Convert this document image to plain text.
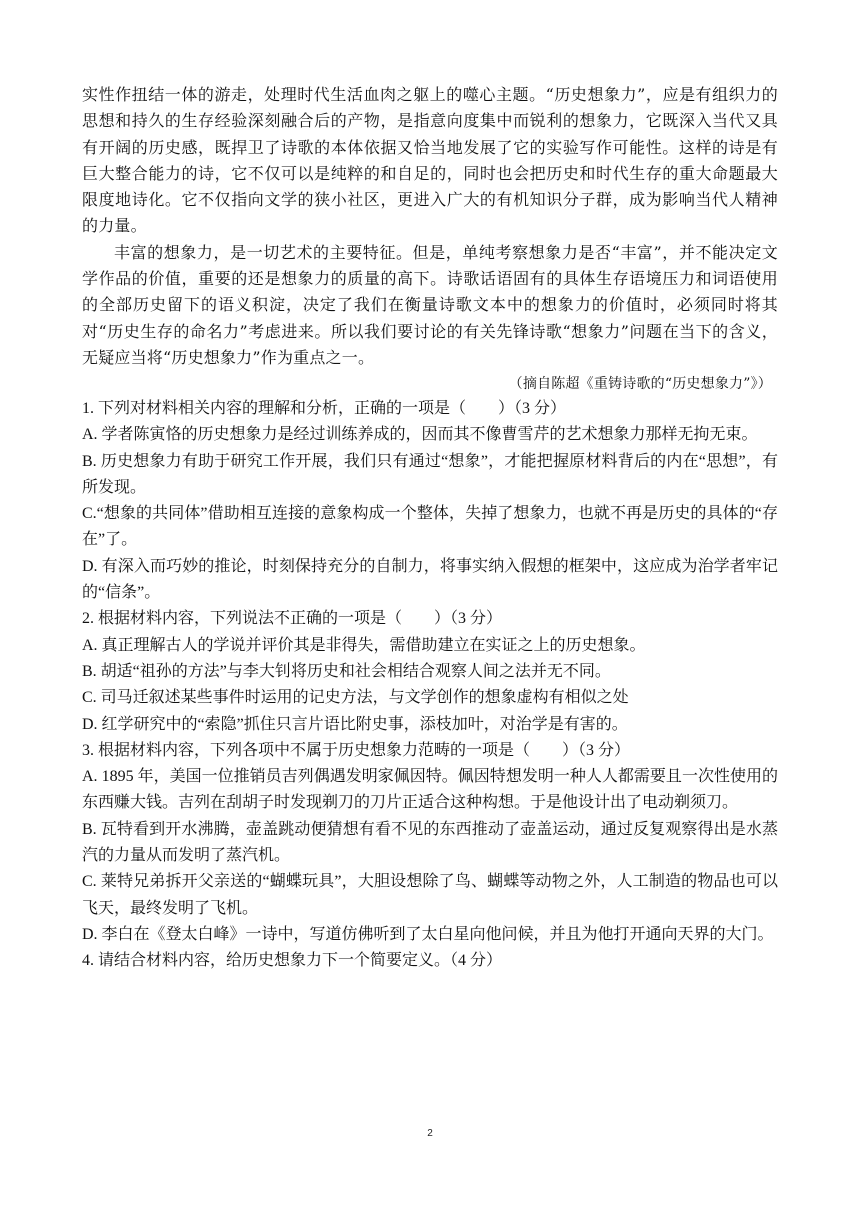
实性作扭结一体的游走，处理时代生活血肉之躯上的噬心主题。“历史想象力”，应是有组织力的思想和持久的生存经验深刻融合后的产物，是指意向度集中而锐利的想象力，它既深入当代又具有开阔的历史感，既捍卫了诗歌的本体依据又恰当地发展了它的实验写作可能性。这样的诗是有巨大整合能力的诗，它不仅可以是纯粹的和自足的，同时也会把历史和时代生存的重大命题最大限度地诗化。它不仅指向文学的狭小社区，更进入广大的有机知识分子群，成为影响当代人精神的力量。

丰富的想象力，是一切艺术的主要特征。但是，单纯考察想象力是否“丰富”，并不能决定文学作品的价值，重要的还是想象力的质量的高下。诗歌话语固有的具体生存语境压力和词语使用的全部历史留下的语义积淀，决定了我们在衡量诗歌文本中的想象力的价值时，必须同时将其对“历史生存的命名力”考虑进来。所以我们要讨论的有关先锋诗歌“想象力”问题在当下的含义，无疑应当将“历史想象力”作为重点之一。

（摘自陈超《重铸诗歌的“历史想象力”》）

1. 下列对材料相关内容的理解和分析，正确的一项是（　　）（3 分）
A. 学者陈寅恪的历史想象力是经过训练养成的，因而其不像曹雪芹的艺术想象力那样无拘无束。
B. 历史想象力有助于研究工作开展，我们只有通过“想象”，才能把握原材料背后的内在“思想”，有所发现。
C.“想象的共同体”借助相互连接的意象构成一个整体，失掉了想象力，也就不再是历史的具体的“存在”了。
D. 有深入而巧妙的推论，时刻保持充分的自制力，将事实纳入假想的框架中，这应成为治学者牢记的“信条”。
2. 根据材料内容，下列说法不正确的一项是（　　）（3 分）
A. 真正理解古人的学说并评价其是非得失，需借助建立在实证之上的历史想象。
B. 胡适“祖孙的方法”与李大钊将历史和社会相结合观察人间之法并无不同。
C. 司马迁叙述某些事件时运用的记史方法，与文学创作的想象虚构有相似之处
D. 红学研究中的“索隐”抓住只言片语比附史事，添枝加叶，对治学是有害的。
3. 根据材料内容，下列各项中不属于历史想象力范畴的一项是（　　）（3 分）
A. 1895 年，美国一位推销员吉列偶遇发明家佩因特。佩因特想发明一种人人都需要且一次性使用的东西赚大钱。吉列在刮胡子时发现剃刀的刀片正适合这种构想。于是他设计出了电动剃须刀。
B. 瓦特看到开水沸腾，壶盖跳动便猜想有看不见的东西推动了壶盖运动，通过反复观察得出是水蒸汽的力量从而发明了蒸汽机。
C. 莱特兄弟拆开父亲送的“蝴蝶玩具”，大胆设想除了鸟、蝴蝶等动物之外，人工制造的物品也可以飞天，最终发明了飞机。
D. 李白在《登太白峰》一诗中，写道仿佛听到了太白星向他问候，并且为他打开通向天界的大门。
4. 请结合材料内容，给历史想象力下一个简要定义。（4 分）
2
